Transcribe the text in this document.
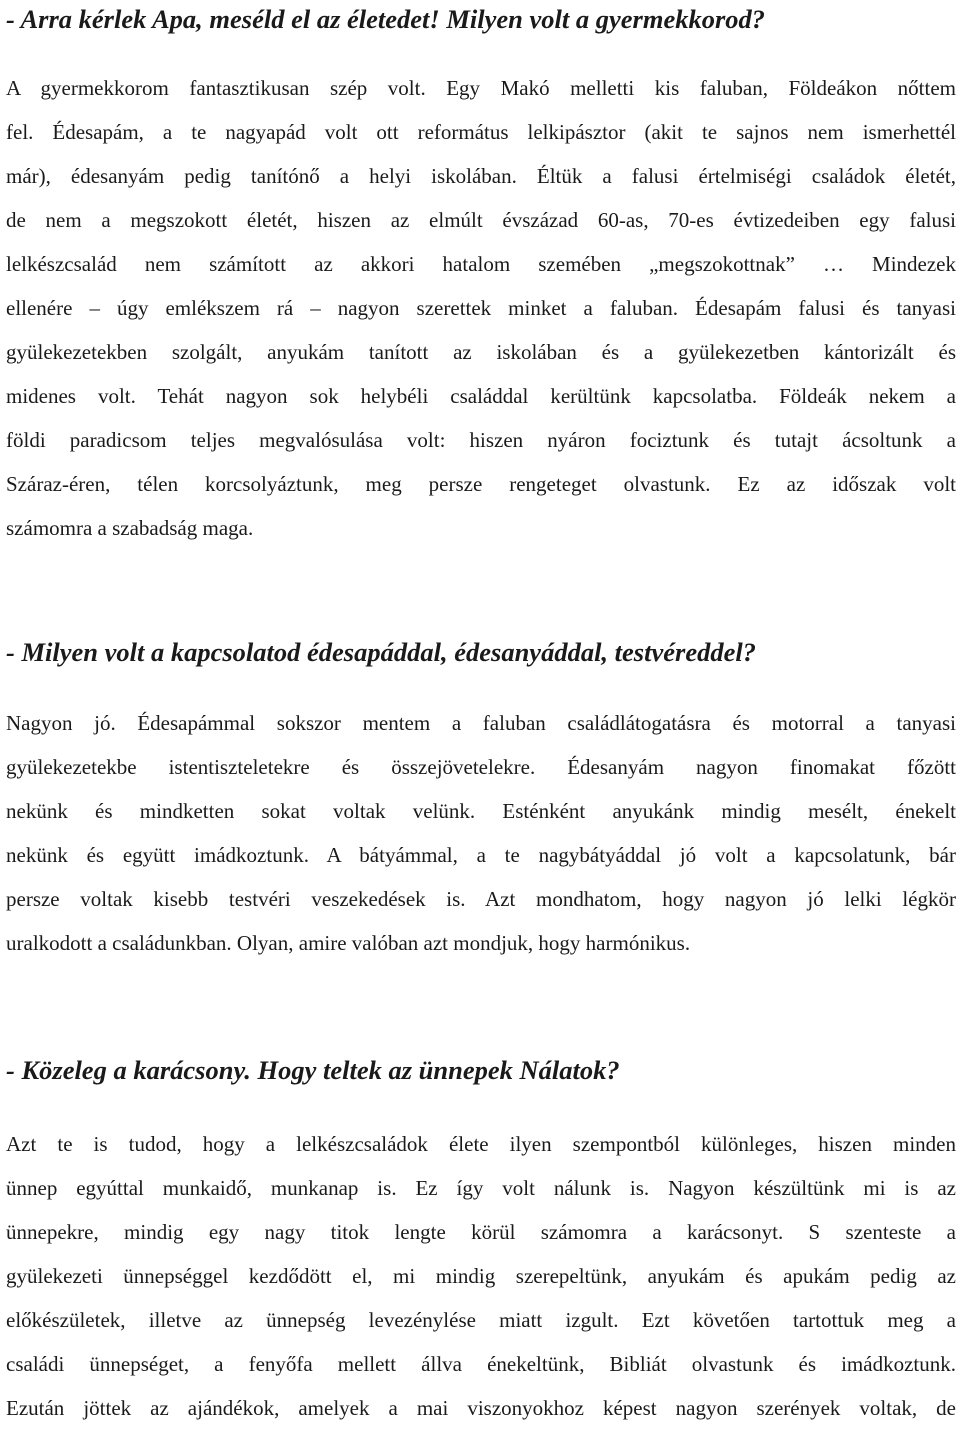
- Arra kérlek Apa, meséld el az életedet! Milyen volt a gyermekkorod?
A gyermekkorom fantasztikusan szép volt. Egy Makó melletti kis faluban, Földeákon nőttem
fel. Édesapám, a te nagyapád volt ott református lelkipásztor (akit te sajnos nem ismerhettél
már), édesanyám pedig tanítónő a helyi iskolában. Éltük a falusi értelmiségi családok életét,
de nem a megszokott életét, hiszen az elmúlt évszázad 60-as, 70-es évtizedeiben egy falusi
lelkészcsalád nem számított az akkori hatalom szemében „megszokottnak” … Mindezek
ellenére – úgy emlékszem rá – nagyon szerettek minket a faluban. Édesapám falusi és tanyasi
gyülekezetekben szolgált, anyukám tanított az iskolában és a gyülekezetben kántorizált és
midenes volt. Tehát nagyon sok helybéli családdal kerültünk kapcsolatba. Földeák nekem a
földi paradicsom teljes megvalósulása volt: hiszen nyáron fociztunk és tutajt ácsoltunk a
Száraz-éren, télen korcsolyáztunk, meg persze rengeteget olvastunk. Ez az időszak volt
számomra a szabadság maga.
- Milyen volt a kapcsolatod édesapáddal, édesanyáddal, testvéreddel?
Nagyon jó. Édesapámmal sokszor mentem a faluban családlátogatásra és motorral a tanyasi
gyülekezetekbe istentiszteletekre és összejövetelekre. Édesanyám nagyon finomakat főzött
nekünk és mindketten sokat voltak velünk. Esténként anyukánk mindig mesélt, énekelt
nekünk és együtt imádkoztunk. A bátyámmal, a te nagybátyáddal jó volt a kapcsolatunk, bár
persze voltak kisebb testvéri veszekedések is. Azt mondhatom, hogy nagyon jó lelki légkör
uralkodott a családunkban. Olyan, amire valóban azt mondjuk, hogy harmónikus.
- Közeleg a karácsony. Hogy teltek az ünnepek Nálatok?
Azt te is tudod, hogy a lelkészcsaládok élete ilyen szempontból különleges, hiszen minden
ünnep egyúttal munkaidő, munkanap is. Ez így volt nálunk is. Nagyon készültünk mi is az
ünnepekre, mindig egy nagy titok lengte körül számomra a karácsonyt. S szenteste a
gyülekezeti ünnepséggel kezdődött el, mi mindig szerepeltünk, anyukám és apukám pedig az
előkészületek, illetve az ünnepség levezénylése miatt izgult. Ezt követően tartottuk meg a
családi ünnepséget, a fenyőfa mellett állva énekeltünk, Bibliát olvastunk és imádkoztunk.
Ezután jöttek az ajándékok, amelyek a mai viszonyokhoz képest nagyon szerények voltak, de
